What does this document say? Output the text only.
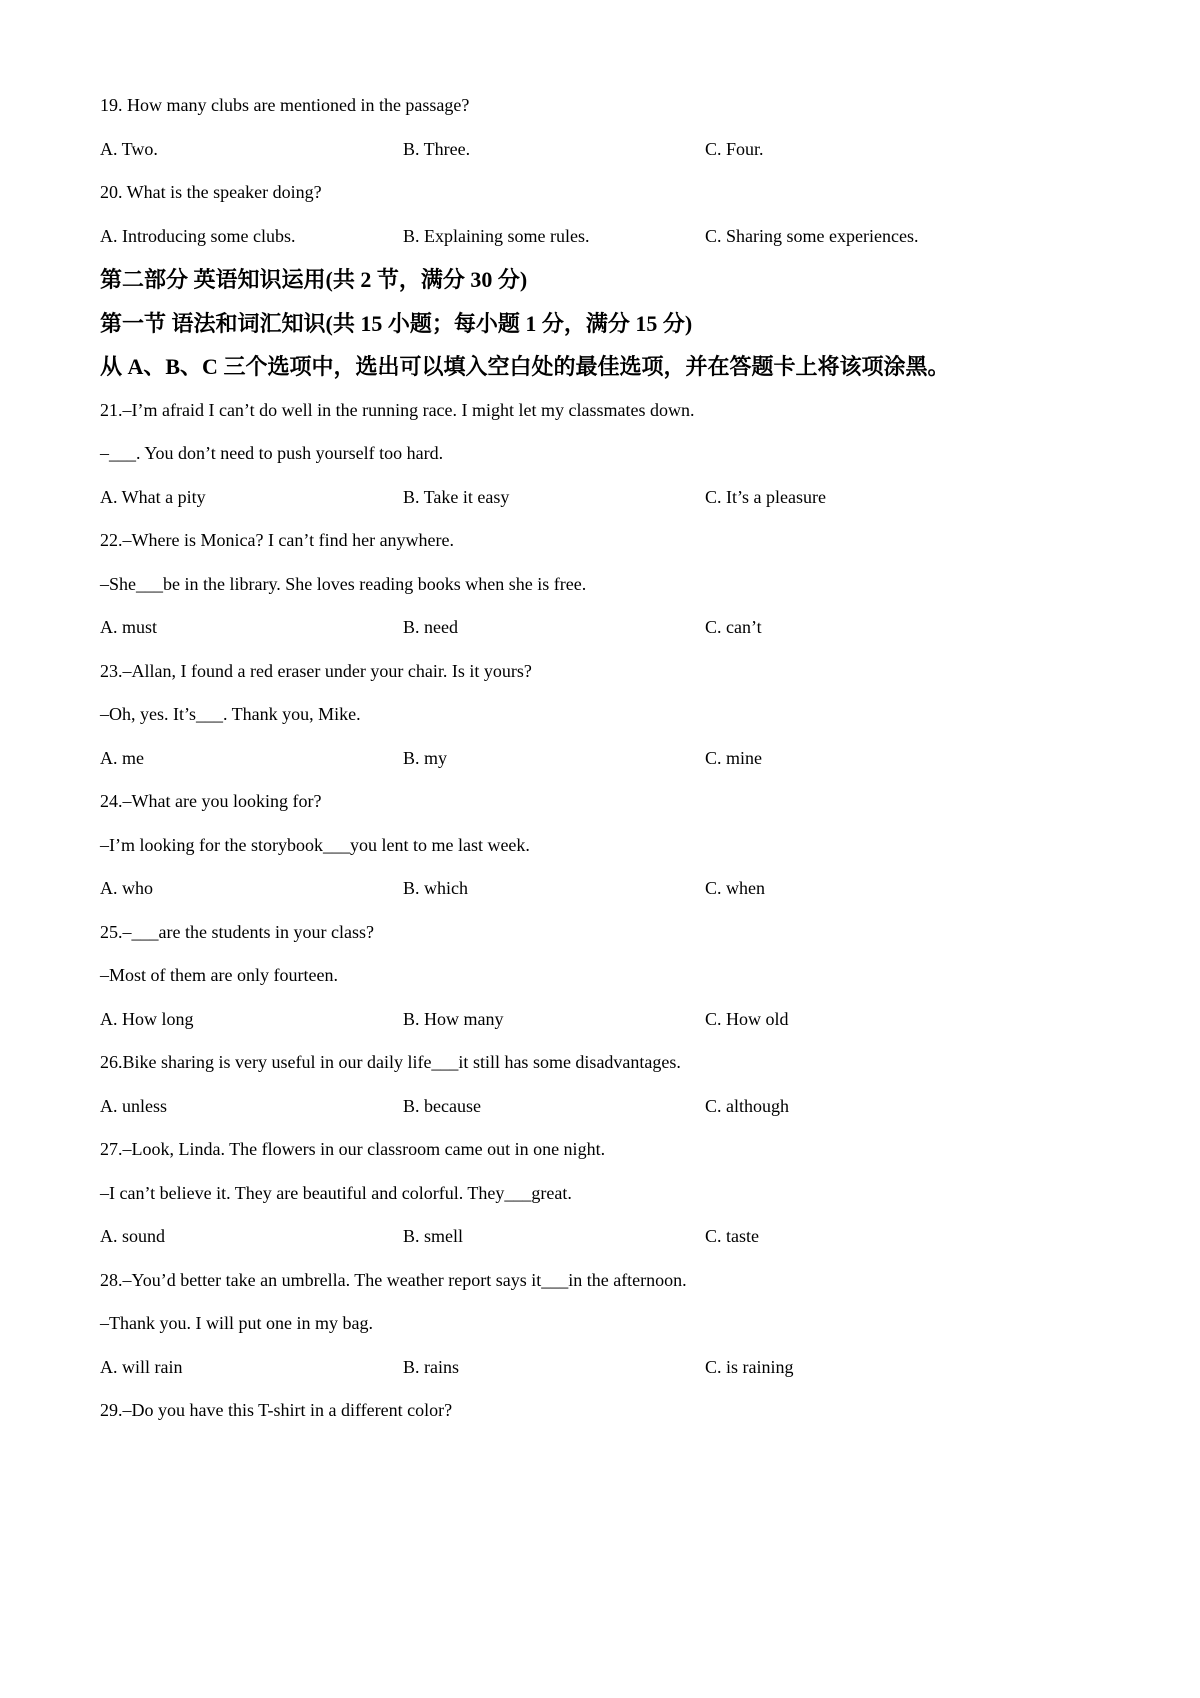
19. How many clubs are mentioned in the passage?
A. Two.	B. Three.	C. Four.
20. What is the speaker doing?
A. Introducing some clubs.	B. Explaining some rules.	C. Sharing some experiences.
第二部分 英语知识运用(共 2 节，满分 30 分)
第一节 语法和词汇知识(共 15 小题；每小题 1 分，满分 15 分)
从 A、B、C 三个选项中，选出可以填入空白处的最佳选项，并在答题卡上将该项涂黑。
21.–I’m afraid I can’t do well in the running race. I might let my classmates down.
–___. You don’t need to push yourself too hard.
A. What a pity	B. Take it easy	C. It’s a pleasure
22.–Where is Monica? I can’t find her anywhere.
–She___be in the library. She loves reading books when she is free.
A. must	B. need	C. can’t
23.–Allan, I found a red eraser under your chair. Is it yours?
–Oh, yes. It’s___. Thank you, Mike.
A. me	B. my	C. mine
24.–What are you looking for?
–I’m looking for the storybook___you lent to me last week.
A. who	B. which	C. when
25.–___are the students in your class?
–Most of them are only fourteen.
A. How long	B. How many	C. How old
26.Bike sharing is very useful in our daily life___it still has some disadvantages.
A. unless	B. because	C. although
27.–Look, Linda. The flowers in our classroom came out in one night.
–I can’t believe it. They are beautiful and colorful. They___great.
A. sound	B. smell	C. taste
28.–You’d better take an umbrella. The weather report says it___in the afternoon.
–Thank you. I will put one in my bag.
A. will rain	B. rains	C. is raining
29.–Do you have this T-shirt in a different color?
